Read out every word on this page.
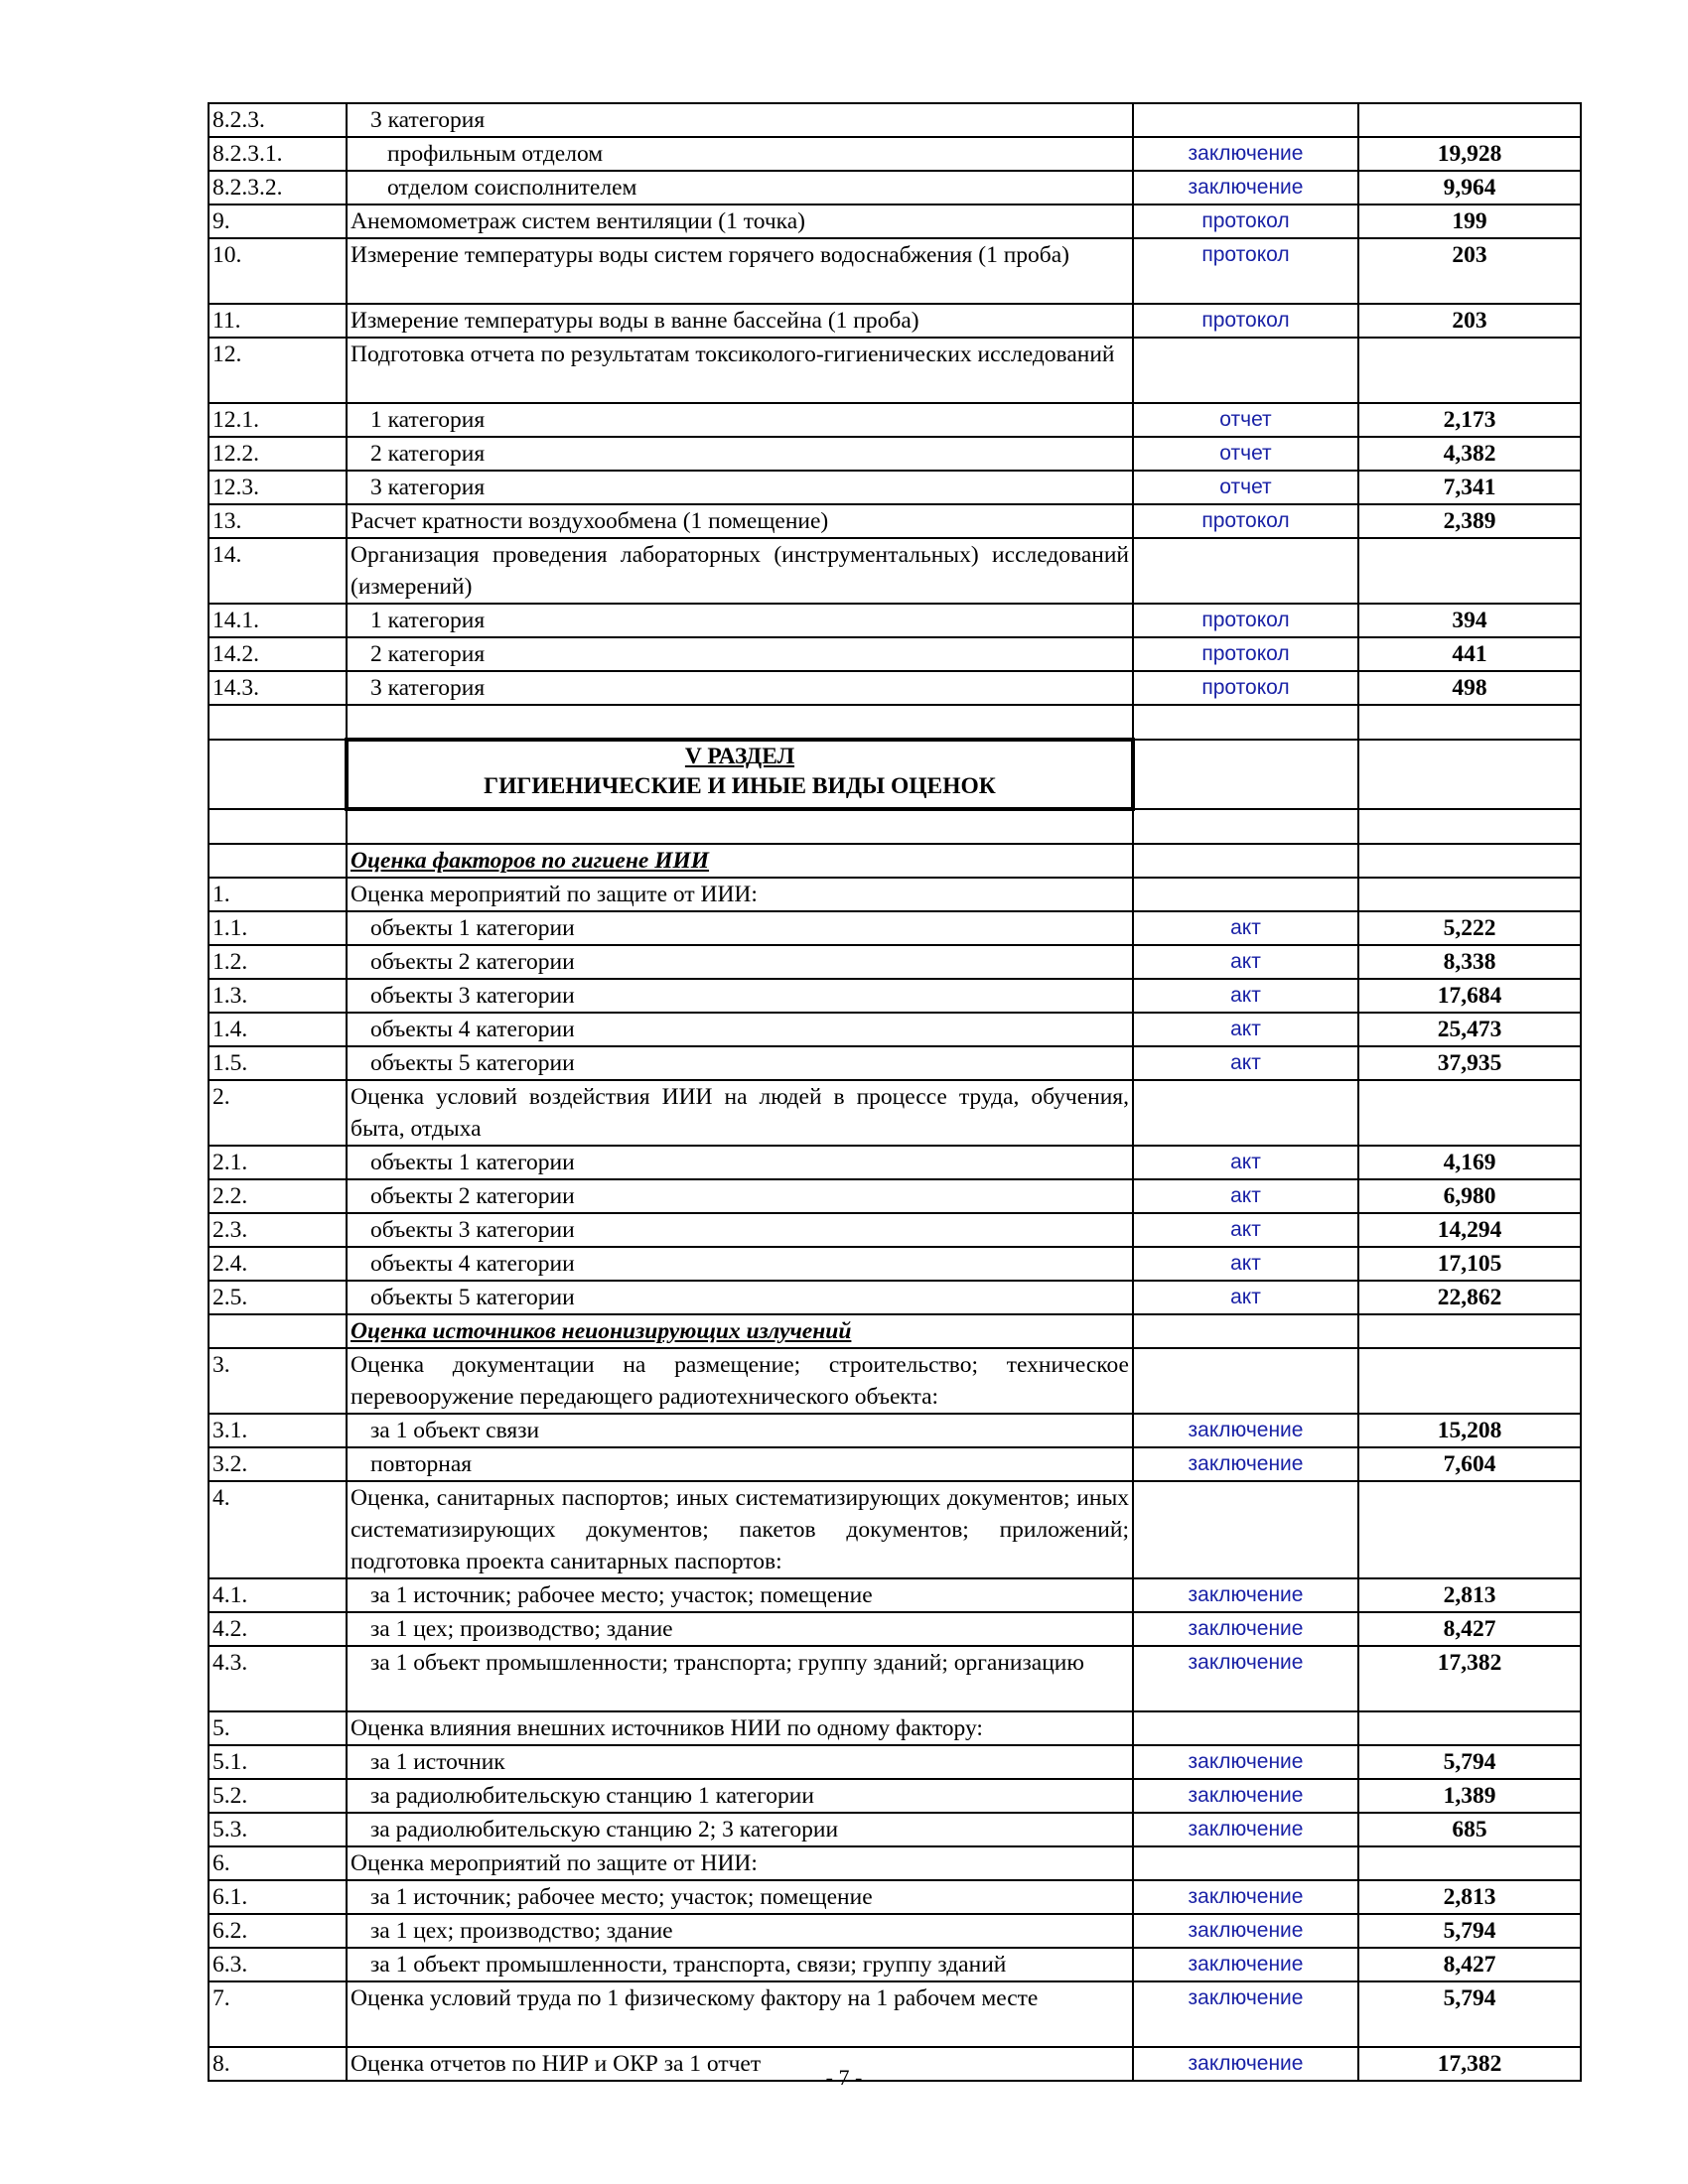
8.2.3.	3 категория		
8.2.3.1.	профильным отделом	заключение	19,928
8.2.3.2.	отделом соисполнителем	заключение	9,964
9.	Анемомометраж систем вентиляции (1 точка)	протокол	199
10.	Измерение температуры воды систем горячего водоснабжения (1 проба)	протокол	203
11.	Измерение температуры воды в ванне бассейна (1 проба)	протокол	203
12.	Подготовка отчета по результатам токсиколого-гигиенических исследований		
12.1.	1 категория	отчет	2,173
12.2.	2 категория	отчет	4,382
12.3.	3 категория	отчет	7,341
13.	Расчет кратности воздухообмена (1 помещение)	протокол	2,389
14.	Организация проведения лабораторных (инструментальных) исследований (измерений)		
14.1.	1 категория	протокол	394
14.2.	2 категория	протокол	441
14.3.	3 категория	протокол	498

	V РАЗДЕЛ
ГИГИЕНИЧЕСКИЕ И ИНЫЕ ВИДЫ ОЦЕНОК		

	Оценка факторов по гигиене ИИИ		
1.	Оценка мероприятий по защите от ИИИ:		
1.1.	объекты 1 категории	акт	5,222
1.2.	объекты 2 категории	акт	8,338
1.3.	объекты 3 категории	акт	17,684
1.4.	объекты 4 категории	акт	25,473
1.5.	объекты 5 категории	акт	37,935
2.	Оценка условий воздействия ИИИ на людей в процессе труда, обучения, быта, отдыха		
2.1.	объекты 1 категории	акт	4,169
2.2.	объекты 2 категории	акт	6,980
2.3.	объекты 3 категории	акт	14,294
2.4.	объекты 4 категории	акт	17,105
2.5.	объекты 5 категории	акт	22,862
	Оценка источников неионизирующих излучений		
3.	Оценка документации на размещение; строительство; техническое перевооружение передающего радиотехнического объекта:		
3.1.	за 1 объект связи	заключение	15,208
3.2.	повторная	заключение	7,604
4.	Оценка, санитарных паспортов; иных систематизирующих документов; иных систематизирующих документов; пакетов документов; приложений; подготовка проекта санитарных паспортов:		
4.1.	за 1 источник; рабочее место; участок; помещение	заключение	2,813
4.2.	за 1 цех; производство; здание	заключение	8,427
4.3.	за 1 объект промышленности; транспорта; группу зданий; организацию	заключение	17,382
5.	Оценка влияния внешних источников НИИ по одному фактору:		
5.1.	за 1 источник	заключение	5,794
5.2.	за радиолюбительскую станцию 1 категории	заключение	1,389
5.3.	за радиолюбительскую станцию 2; 3 категории	заключение	685
6.	Оценка мероприятий по защите от НИИ:		
6.1.	за 1 источник; рабочее место; участок; помещение	заключение	2,813
6.2.	за 1 цех; производство; здание	заключение	5,794
6.3.	за 1 объект промышленности, транспорта, связи; группу зданий	заключение	8,427
7.	Оценка условий труда по 1 физическому фактору на 1 рабочем месте	заключение	5,794
8.	Оценка отчетов по НИР и ОКР за 1 отчет	заключение	17,382
- 7 -
